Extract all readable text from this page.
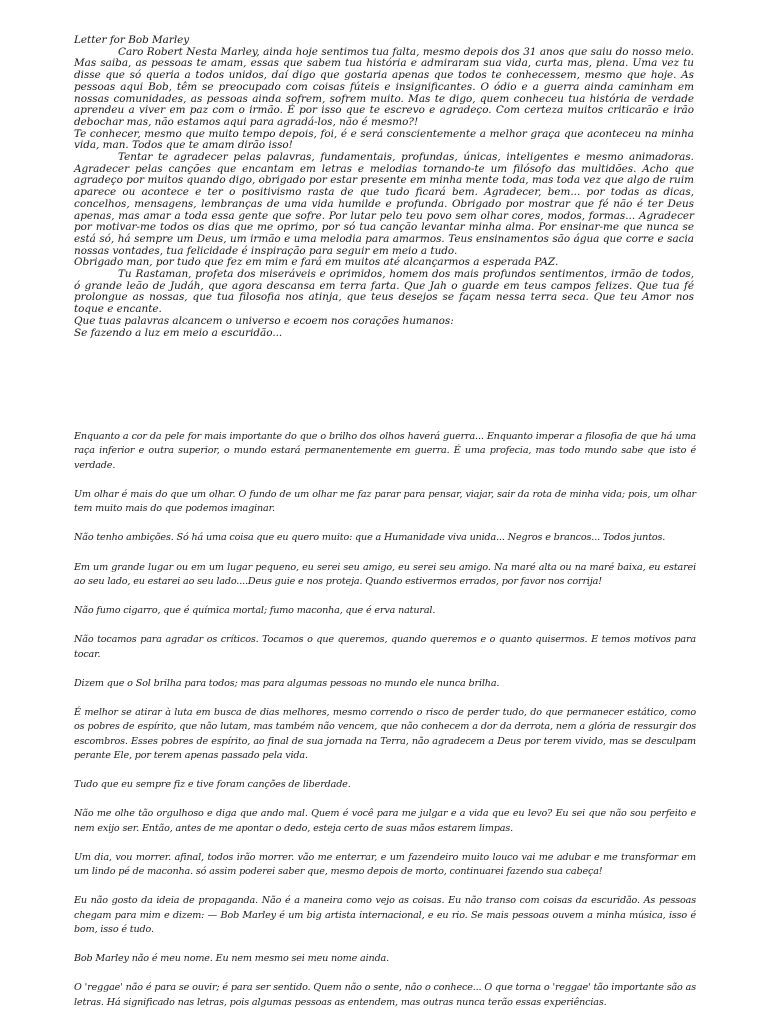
Letter for Bob Marley

Caro Robert Nesta Marley, ainda hoje sentimos tua falta, mesmo depois dos 31 anos que saiu do nosso meio. Mas saiba, as pessoas te amam, essas que sabem tua história e admiraram sua vida, curta mas, plena. Uma vez tu disse que só queria a todos unidos, daí digo que gostaria apenas que todos te conhecessem, mesmo que hoje. As pessoas aqui Bob, têm se preocupado com coisas fúteis e insignificantes. O ódio e a guerra ainda caminham em nossas comunidades, as pessoas ainda sofrem, sofrem muito. Mas te digo, quem conheceu tua história de verdade aprendeu a viver em paz com o irmão. É por isso que te escrevo e agradeço. Com certeza muitos criticarão e irão debochar mas, não estamos aqui para agradá-los, não é mesmo?!

Te conhecer, mesmo que muito tempo depois, foi, é e será conscientemente a melhor graça que aconteceu na minha vida, man. Todos que te amam dirão isso!

Tentar te agradecer pelas palavras, fundamentais, profundas, únicas, inteligentes e mesmo animadoras. Agradecer pelas canções que encantam em letras e melodias tornando-te um filósofo das multidões. Acho que agradeço por muitos quando digo, obrigado por estar presente em minha mente toda, mas toda vez que algo de ruim aparece ou acontece e ter o positivismo rasta de que tudo ficará bem. Agradecer, bem... por todas as dicas, concelhos, mensagens, lembranças de uma vida humilde e profunda. Obrigado por mostrar que fé não é ter Deus apenas, mas amar a toda essa gente que sofre. Por lutar pelo teu povo sem olhar cores, modos, formas... Agradecer por motivar-me todos os dias que me oprimo, por só tua canção levantar minha alma. Por ensinar-me que nunca se está só, há sempre um Deus, um irmão e uma melodia para amarmos. Teus ensinamentos são água que corre e sacia nossas vontades, tua felicidade é inspiração para seguir em meio a tudo.

Obrigado man, por tudo que fez em mim e fará em muitos até alcançarmos a esperada PAZ.

Tu Rastaman, profeta dos miseráveis e oprimidos, homem dos mais profundos sentimentos, irmão de todos, ó grande leão de Judáh, que agora descansa em terra farta. Que Jah o guarde em teus campos felizes. Que tua fé prolongue as nossas, que tua filosofia nos atinja, que teus desejos se façam nessa terra seca. Que teu Amor nos toque e encante.

Que tuas palavras alcancem o universo e ecoem nos corações humanos:

Se fazendo a luz em meio a escuridão...

Enquanto a cor da pele for mais importante do que o brilho dos olhos haverá guerra... Enquanto imperar a filosofia de que há uma raça inferior e outra superior, o mundo estará permanentemente em guerra. É uma profecia, mas todo mundo sabe que isto é verdade.

Um olhar é mais do que um olhar. O fundo de um olhar me faz parar para pensar, viajar, sair da rota de minha vida; pois, um olhar tem muito mais do que podemos imaginar.

Não tenho ambições. Só há uma coisa que eu quero muito: que a Humanidade viva unida... Negros e brancos... Todos juntos.

Em um grande lugar ou em um lugar pequeno, eu serei seu amigo, eu serei seu amigo. Na maré alta ou na maré baixa, eu estarei ao seu lado, eu estarei ao seu lado....Deus guie e nos proteja. Quando estivermos errados, por favor nos corrija!

Não fumo cigarro, que é química mortal; fumo maconha, que é erva natural.

Não tocamos para agradar os críticos. Tocamos o que queremos, quando queremos e o quanto quisermos. E temos motivos para tocar.

Dizem que o Sol brilha para todos; mas para algumas pessoas no mundo ele nunca brilha.

É melhor se atirar à luta em busca de dias melhores, mesmo correndo o risco de perder tudo, do que permanecer estático, como os pobres de espírito, que não lutam, mas também não vencem, que não conhecem a dor da derrota, nem a glória de ressurgir dos escombros. Esses pobres de espírito, ao final de sua jornada na Terra, não agradecem a Deus por terem vivido, mas se desculpam perante Ele, por terem apenas passado pela vida.

Tudo que eu sempre fiz e tive foram canções de liberdade.

Não me olhe tão orgulhoso e diga que ando mal. Quem é você para me julgar e a vida que eu levo? Eu sei que não sou perfeito e nem exijo ser. Então, antes de me apontar o dedo, esteja certo de suas mãos estarem limpas.

Um dia, vou morrer. afinal, todos irão morrer. vão me enterrar, e um fazendeiro muito louco vai me adubar e me transformar em um lindo pé de maconha. só assim poderei saber que, mesmo depois de morto, continuarei fazendo sua cabeça!

Eu não gosto da ideia de propaganda. Não é a maneira como vejo as coisas. Eu não transo com coisas da escuridão. As pessoas chegam para mim e dizem: — Bob Marley é um big artista internacional, e eu rio. Se mais pessoas ouvem a minha música, isso é bom, isso é tudo.

Bob Marley não é meu nome. Eu nem mesmo sei meu nome ainda.

O 'reggae' não é para se ouvir; é para ser sentido. Quem não o sente, não o conhece... O que torna o 'reggae' tão importante são as letras. Há significado nas letras, pois algumas pessoas as entendem, mas outras nunca terão essas experiências.
